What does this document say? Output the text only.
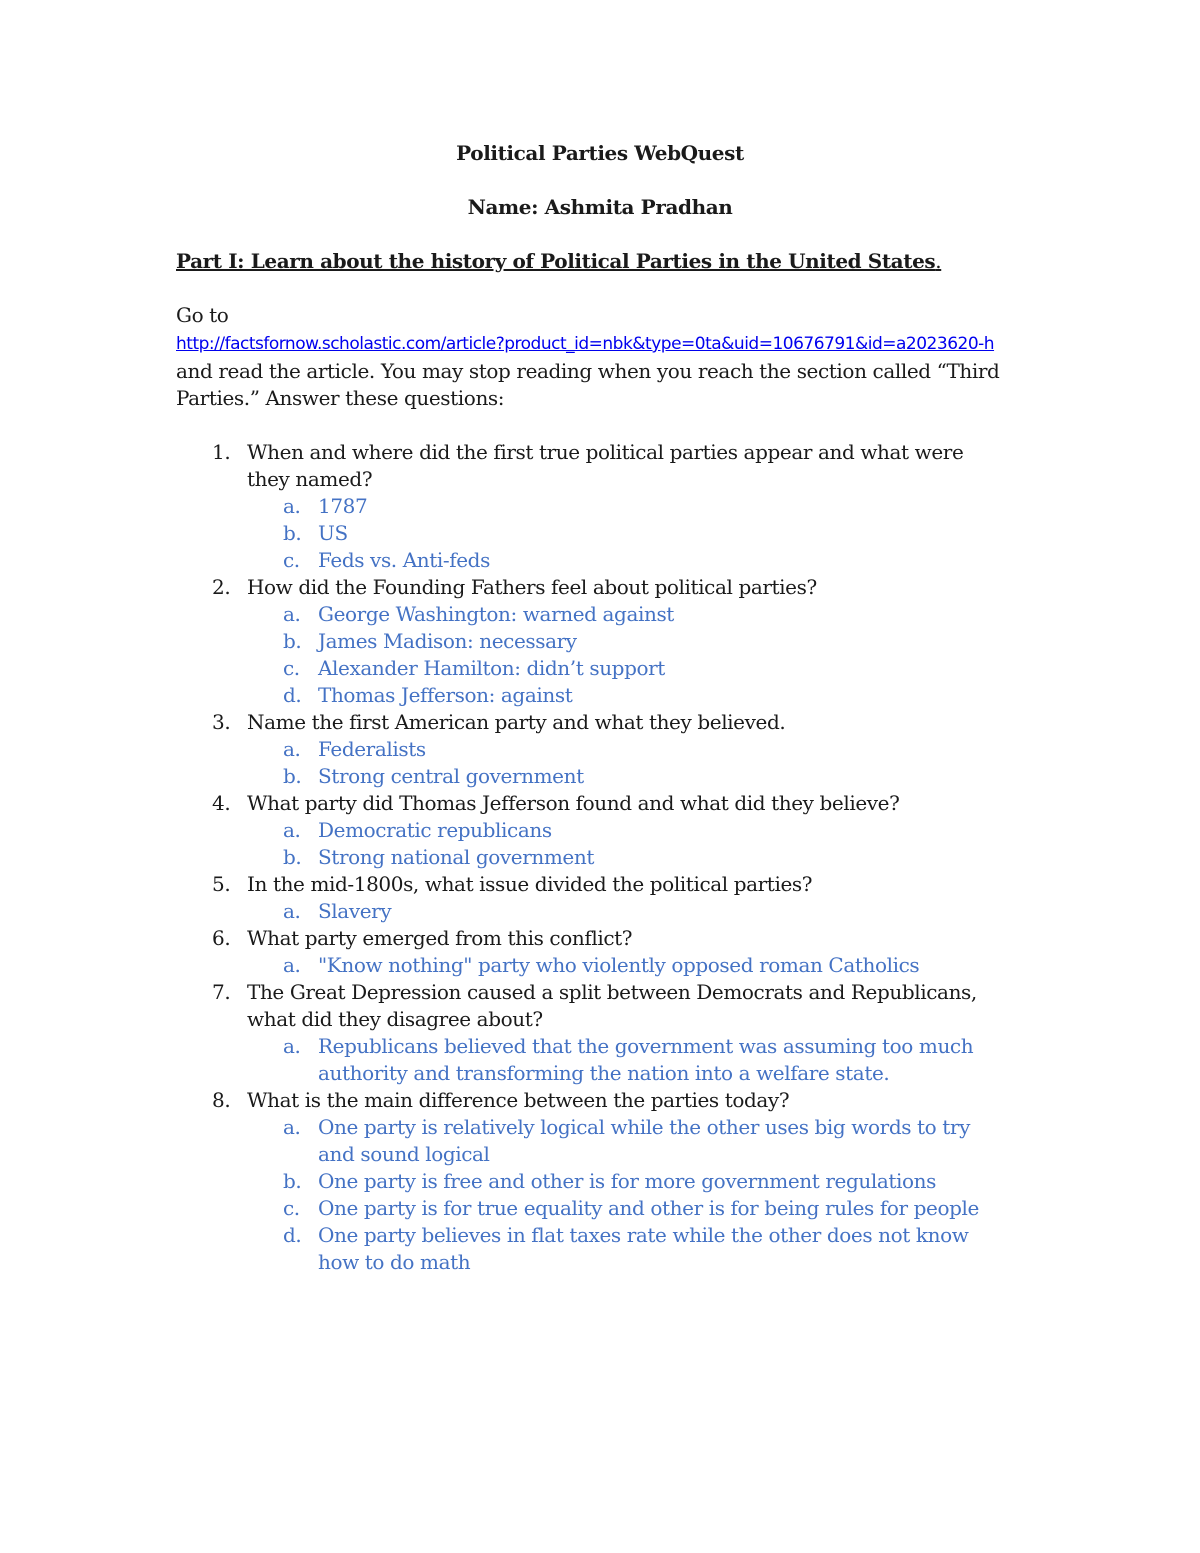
Political Parties WebQuest

Name: Ashmita Pradhan

Part I: Learn about the history of Political Parties in the United States.

Go to http://factsfornow.scholastic.com/article?product_id=nbk&type=0ta&uid=10676791&id=a2023620-h
and read the article. You may stop reading when you reach the section called “Third Parties.” Answer these questions:

1. When and where did the first true political parties appear and what were they named?
a. 1787
b. US
c. Feds vs. Anti-feds
2. How did the Founding Fathers feel about political parties?
a. George Washington: warned against
b. James Madison: necessary
c. Alexander Hamilton: didn’t support
d. Thomas Jefferson: against
3. Name the first American party and what they believed.
a. Federalists
b. Strong central government
4. What party did Thomas Jefferson found and what did they believe?
a. Democratic republicans
b. Strong national government
5. In the mid-1800s, what issue divided the political parties?
a. Slavery
6. What party emerged from this conflict?
a. "Know nothing" party who violently opposed roman Catholics
7. The Great Depression caused a split between Democrats and Republicans, what did they disagree about?
a. Republicans believed that the government was assuming too much authority and transforming the nation into a welfare state.
8. What is the main difference between the parties today?
a. One party is relatively logical while the other uses big words to try and sound logical
b. One party is free and other is for more government regulations
c. One party is for true equality and other is for being rules for people
d. One party believes in flat taxes rate while the other does not know how to do math
